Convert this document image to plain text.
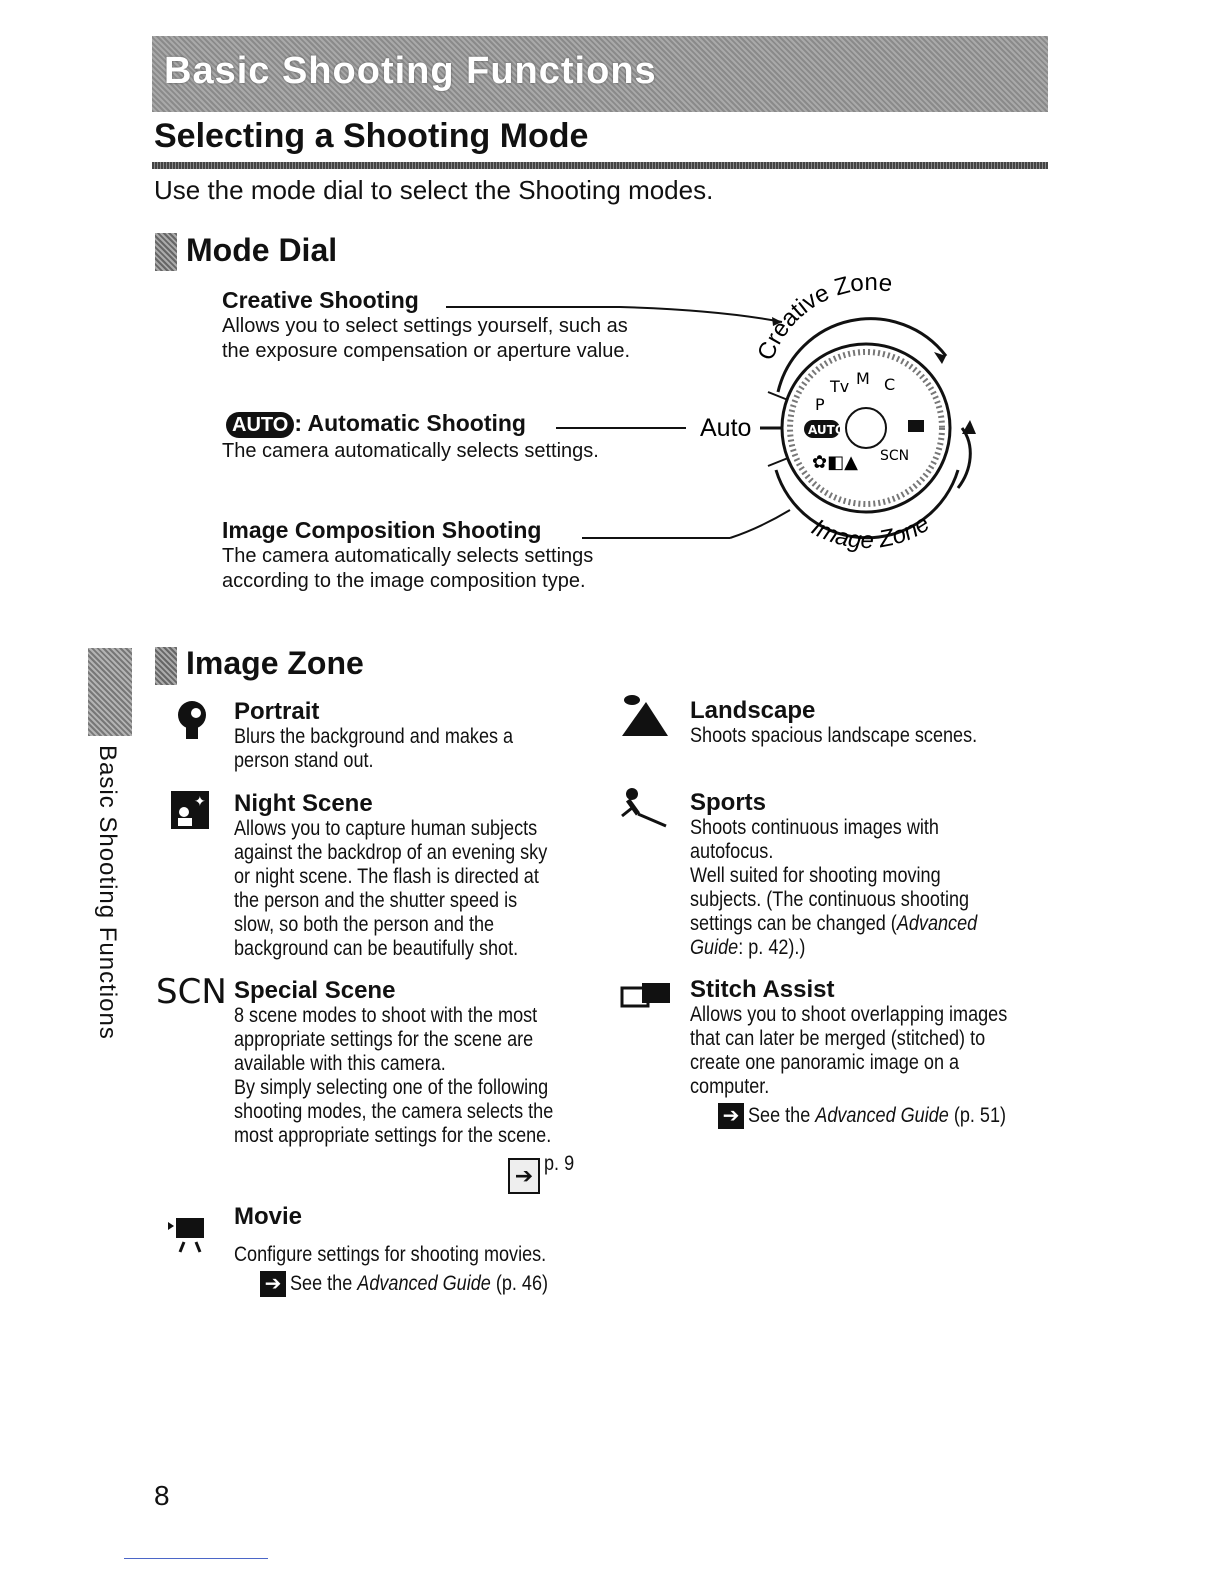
Basic Shooting Functions
Selecting a Shooting Mode
Use the mode dial to select the Shooting modes.
Mode Dial
Creative Shooting
Allows you to select settings yourself, such as
the exposure compensation or aperture value.
AUTO : Automatic Shooting
The camera automatically selects settings.
Image Composition Shooting
The camera automatically selects settings
according to the image composition type.
P
Tv M C
AUTO
✿◧▲ SCN
Creative Zone
Image Zone
Auto
Basic Shooting Functions
Image Zone
Portrait
Blurs the background and makes a
person stand out.
✦ Night Scene
Allows you to capture human subjects
against the backdrop of an evening sky
or night scene. The flash is directed at
the person and the shutter speed is
slow, so both the person and the
background can be beautifully shot.
SCN Special Scene
8 scene modes to shoot with the most
appropriate settings for the scene are
available with this camera.
By simply selecting one of the following
shooting modes, the camera selects the
most appropriate settings for the scene.
➔ p. 9
Movie
Configure settings for shooting movies.
➔ See the Advanced Guide (p. 46)
Landscape
Shoots spacious landscape scenes.
Sports
Shoots continuous images with
autofocus.
Well suited for shooting moving
subjects. (The continuous shooting
settings can be changed (Advanced
Guide: p. 42).)
Stitch Assist
Allows you to shoot overlapping images
that can later be merged (stitched) to
create one panoramic image on a
computer.
➔ See the Advanced Guide (p. 51)
8
